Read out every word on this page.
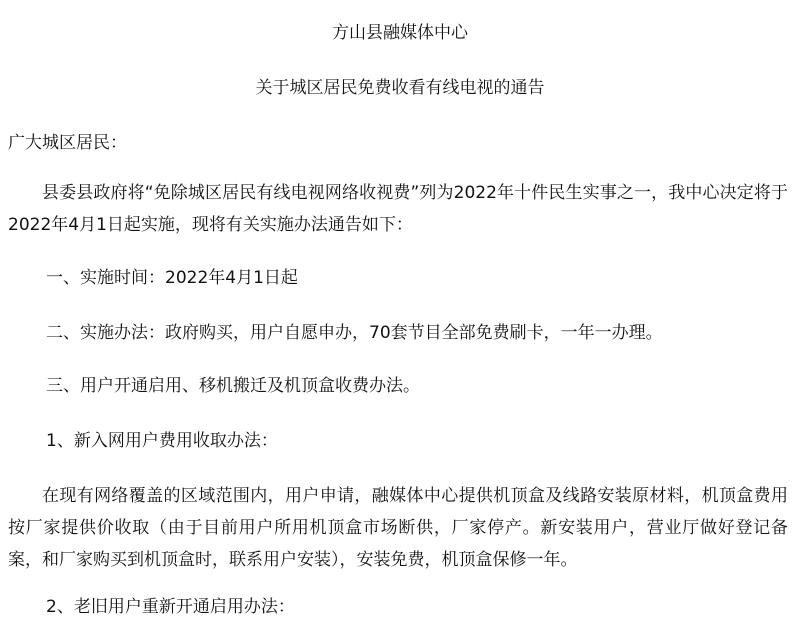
方山县融媒体中心
关于城区居民免费收看有线电视的通告
广大城区居民：
县委县政府将“免除城区居民有线电视网络收视费”列为2022年十件民生实事之一，我中心决定将于2022年4月1日起实施，现将有关实施办法通告如下：
一、实施时间：2022年4月1日起
二、实施办法：政府购买，用户自愿申办，70套节目全部免费刷卡，一年一办理。
三、用户开通启用、移机搬迁及机顶盒收费办法。
1、新入网用户费用收取办法：
在现有网络覆盖的区域范围内，用户申请，融媒体中心提供机顶盒及线路安装原材料，机顶盒费用按厂家提供价收取（由于目前用户所用机顶盒市场断供，厂家停产。新安装用户，营业厅做好登记备案，和厂家购买到机顶盒时，联系用户安装），安装免费，机顶盒保修一年。
2、老旧用户重新开通启用办法：
